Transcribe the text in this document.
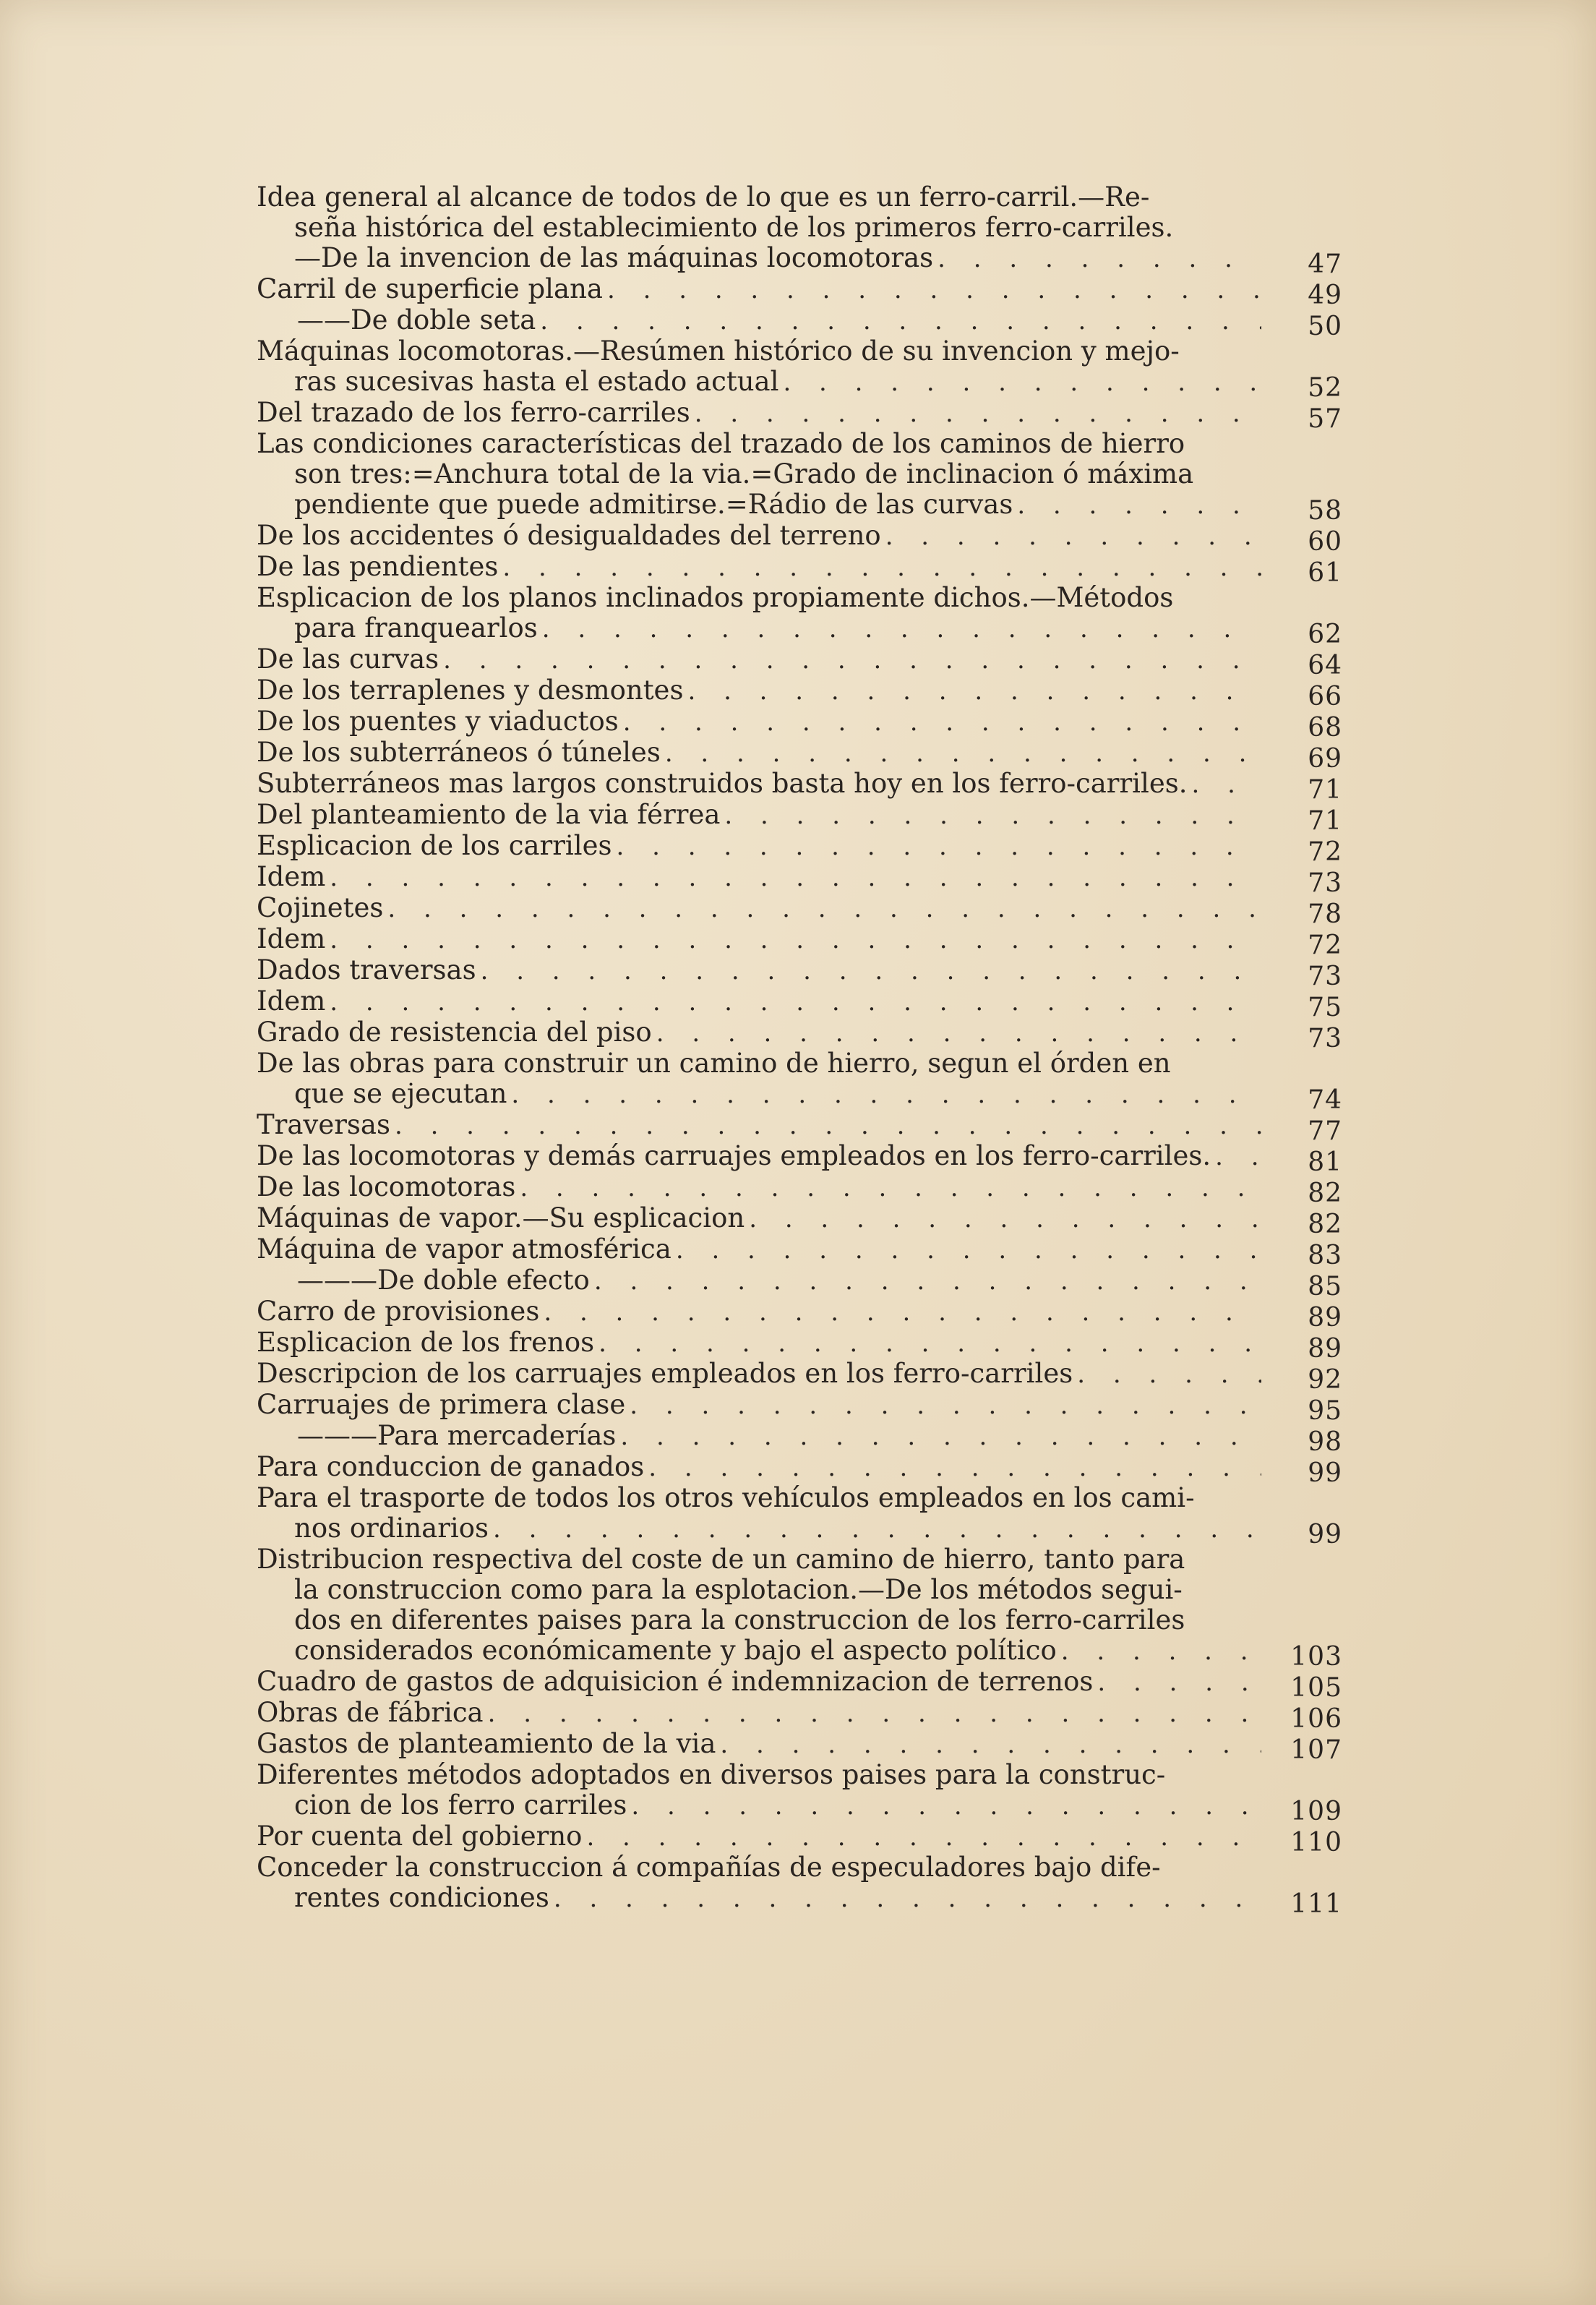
Idea general al alcance de todos de lo que es un ferro-carril.—Re-
seña histórica del establecimiento de los primeros ferro-carriles.
—De la invencion de las máquinas locomotoras . . .	47
Carril de superficie plana . . .	49
——De doble seta . . .	50
Máquinas locomotoras.—Resúmen histórico de su invencion y mejo-
ras sucesivas hasta el estado actual . . .	52
Del trazado de los ferro-carriles . . .	57
Las condiciones características del trazado de los caminos de hierro
son tres:=Anchura total de la via.=Grado de inclinacion ó máxima
pendiente que puede admitirse.=Rádio de las curvas . . .	58
De los accidentes ó desigualdades del terreno . . .	60
De las pendientes . . .	61
Esplicacion de los planos inclinados propiamente dichos.—Métodos
para franquearlos . . .	62
De las curvas . . .	64
De los terraplenes y desmontes . . .	66
De los puentes y viaductos . . .	68
De los subterráneos ó túneles . . .	69
Subterráneos mas largos construidos basta hoy en los ferro-carriles. . . .	71
Del planteamiento de la via férrea . . .	71
Esplicacion de los carriles . . .	72
Idem . . .	73
Cojinetes . . .	78
Idem . . .	72
Dados traversas . . .	73
Idem . . .	75
Grado de resistencia del piso . . .	73
De las obras para construir un camino de hierro, segun el órden en
que se ejecutan . . .	74
Traversas . . .	77
De las locomotoras y demás carruajes empleados en los ferro-carriles. . . .	81
De las locomotoras . . .	82
Máquinas de vapor.—Su esplicacion . . .	82
Máquina de vapor atmosférica . . .	83
———De doble efecto . . .	85
Carro de provisiones . . .	89
Esplicacion de los frenos . . .	89
Descripcion de los carruajes empleados en los ferro-carriles . . .	92
Carruajes de primera clase . . .	95
———Para mercaderías . . .	98
Para conduccion de ganados . . .	99
Para el trasporte de todos los otros vehículos empleados en los cami-
nos ordinarios . . .	99
Distribucion respectiva del coste de un camino de hierro, tanto para
la construccion como para la esplotacion.—De los métodos segui-
dos en diferentes paises para la construccion de los ferro-carriles
considerados económicamente y bajo el aspecto político . . .	103
Cuadro de gastos de adquisicion é indemnizacion de terrenos . . .	105
Obras de fábrica . . .	106
Gastos de planteamiento de la via . . .	107
Diferentes métodos adoptados en diversos paises para la construc-
cion de los ferro carriles . . .	109
Por cuenta del gobierno . . .	110
Conceder la construccion á compañías de especuladores bajo dife-
rentes condiciones . . .	111
